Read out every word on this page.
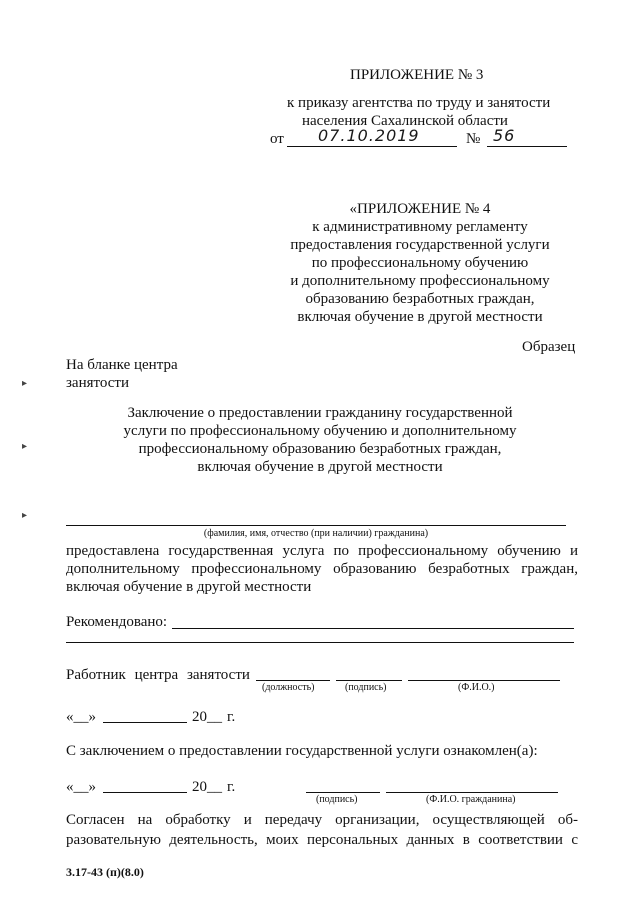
ПРИЛОЖЕНИЕ № 3
к приказу агентства по труду и занятости
населения Сахалинской области
от 07.10.2019	№ 56
«ПРИЛОЖЕНИЕ № 4
к административному регламенту
предоставления государственной услуги
по профессиональному обучению
и дополнительному профессиональному
образованию безработных граждан,
включая обучение в другой местности
Образец
На бланке центра
занятости
▸
▸
▸
Заключение о предоставлении гражданину государственной
услуги по профессиональному обучению и дополнительному
профессиональному образованию безработных граждан,
включая обучение в другой местности
(фамилия, имя, отчество (при наличии) гражданина)
предоставлена государственная услуга по профессиональному обучению и
дополнительному профессиональному образованию безработных граждан,
включая обучение в другой местности
Рекомендовано:
Работник центра занятости
(должность)	(подпись)	(Ф.И.О.)
«__»	20__ г.
С заключением о предоставлении государственной услуги ознакомлен(а):
«__»	20__ г.
(подпись)	(Ф.И.О. гражданина)
Согласен на обработку и передачу организации, осуществляющей об-
разовательную деятельность, моих персональных данных в соответствии с
3.17-43 (п)(8.0)
